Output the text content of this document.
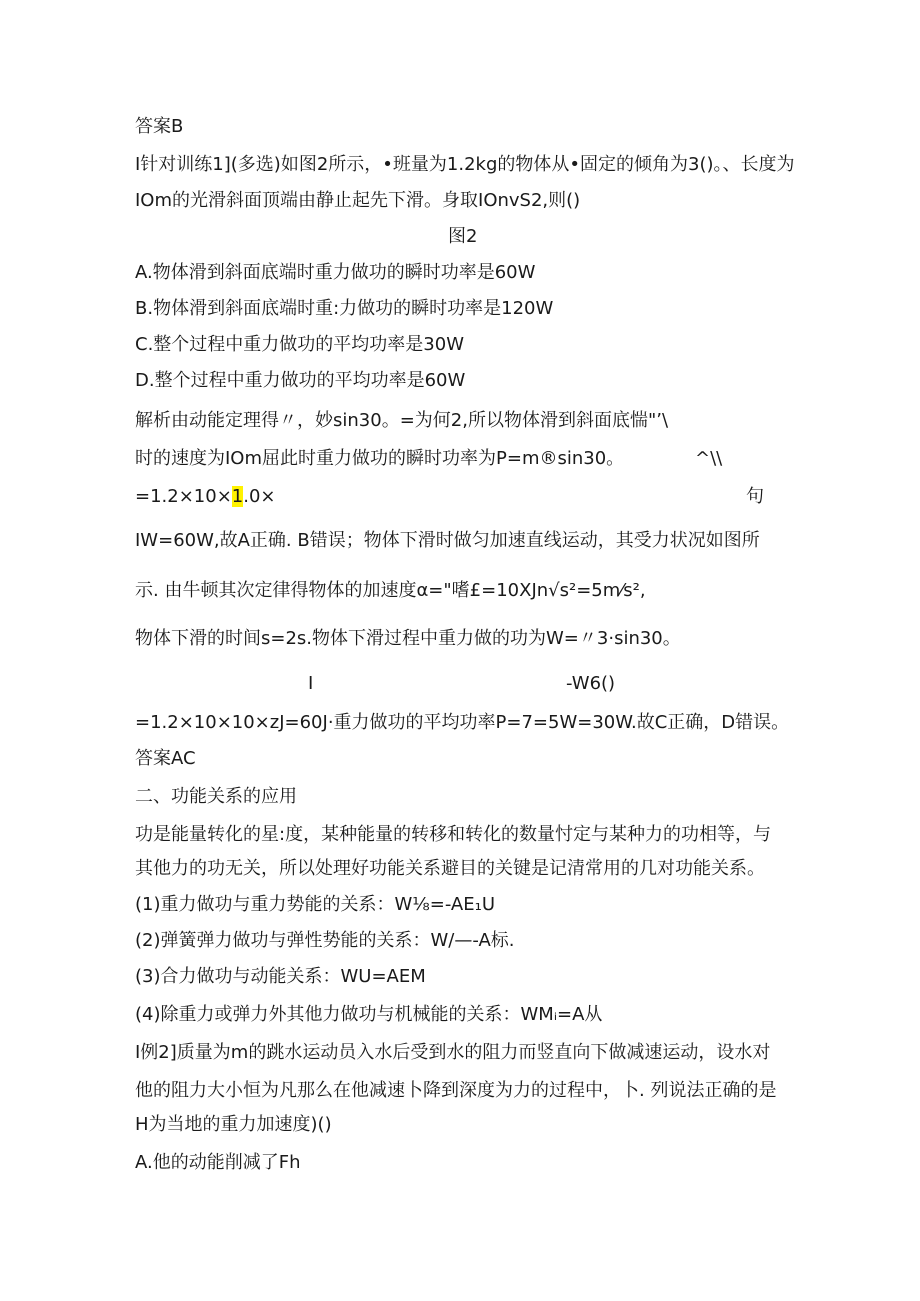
答案B
I针对训练1](多选)如图2所示，•班量为1.2kg的物体从•固定的倾角为3()。、长度为
IOm的光滑斜面顶端由静止起先下滑。身取IOnvS2,则()
图2
A.物体滑到斜面底端时重力做功的瞬时功率是60W
B.物体滑到斜面底端时重:力做功的瞬时功率是120W
C.整个过程中重力做功的平均功率是30W
D.整个过程中重力做功的平均功率是60W
解析由动能定理得〃，妙sin30。=为何2,所以物体滑到斜面底惴"’\
时的速度为IOm屈此时重力做功的瞬时功率为P=m®sin30。	^\\
=1.2×10×1.0×	句
IW=60W,故A正确. B错误；物体下滑时做匀加速直线运动，其受力状况如图所
示. 由牛顿其次定律得物体的加速度α="嗜£=10XJn√s²=5m⁄s²,
物体下滑的时间s=2s.物体下滑过程中重力做的功为W=〃3·sin30。
I	-W6()
=1.2×10×10×zJ=60J·重力做功的平均功率P=7=5W=30W.故C正确，D错误。
答案AC
二、功能关系的应用
功是能量转化的星:度，某种能量的转移和转化的数量忖定与某种力的功相等，与
其他力的功无关，所以处理好功能关系避目的关键是记清常用的几对功能关系。
(1)重力做功与重力势能的关系：W⅛=-AE₁U
(2)弹簧弹力做功与弹性势能的关系：W/—-A标.
(3)合力做功与动能关系：WU=AEM
(4)除重力或弹力外其他力做功与机械能的关系：WMᵢ=A从
I例2]质量为m的跳水运动员入水后受到水的阻力而竖直向下做减速运动，设水对
他的阻力大小恒为凡那么在他减速卜降到深度为力的过程中，卜. 列说法正确的是
H为当地的重力加速度)()
A.他的动能削减了Fh
